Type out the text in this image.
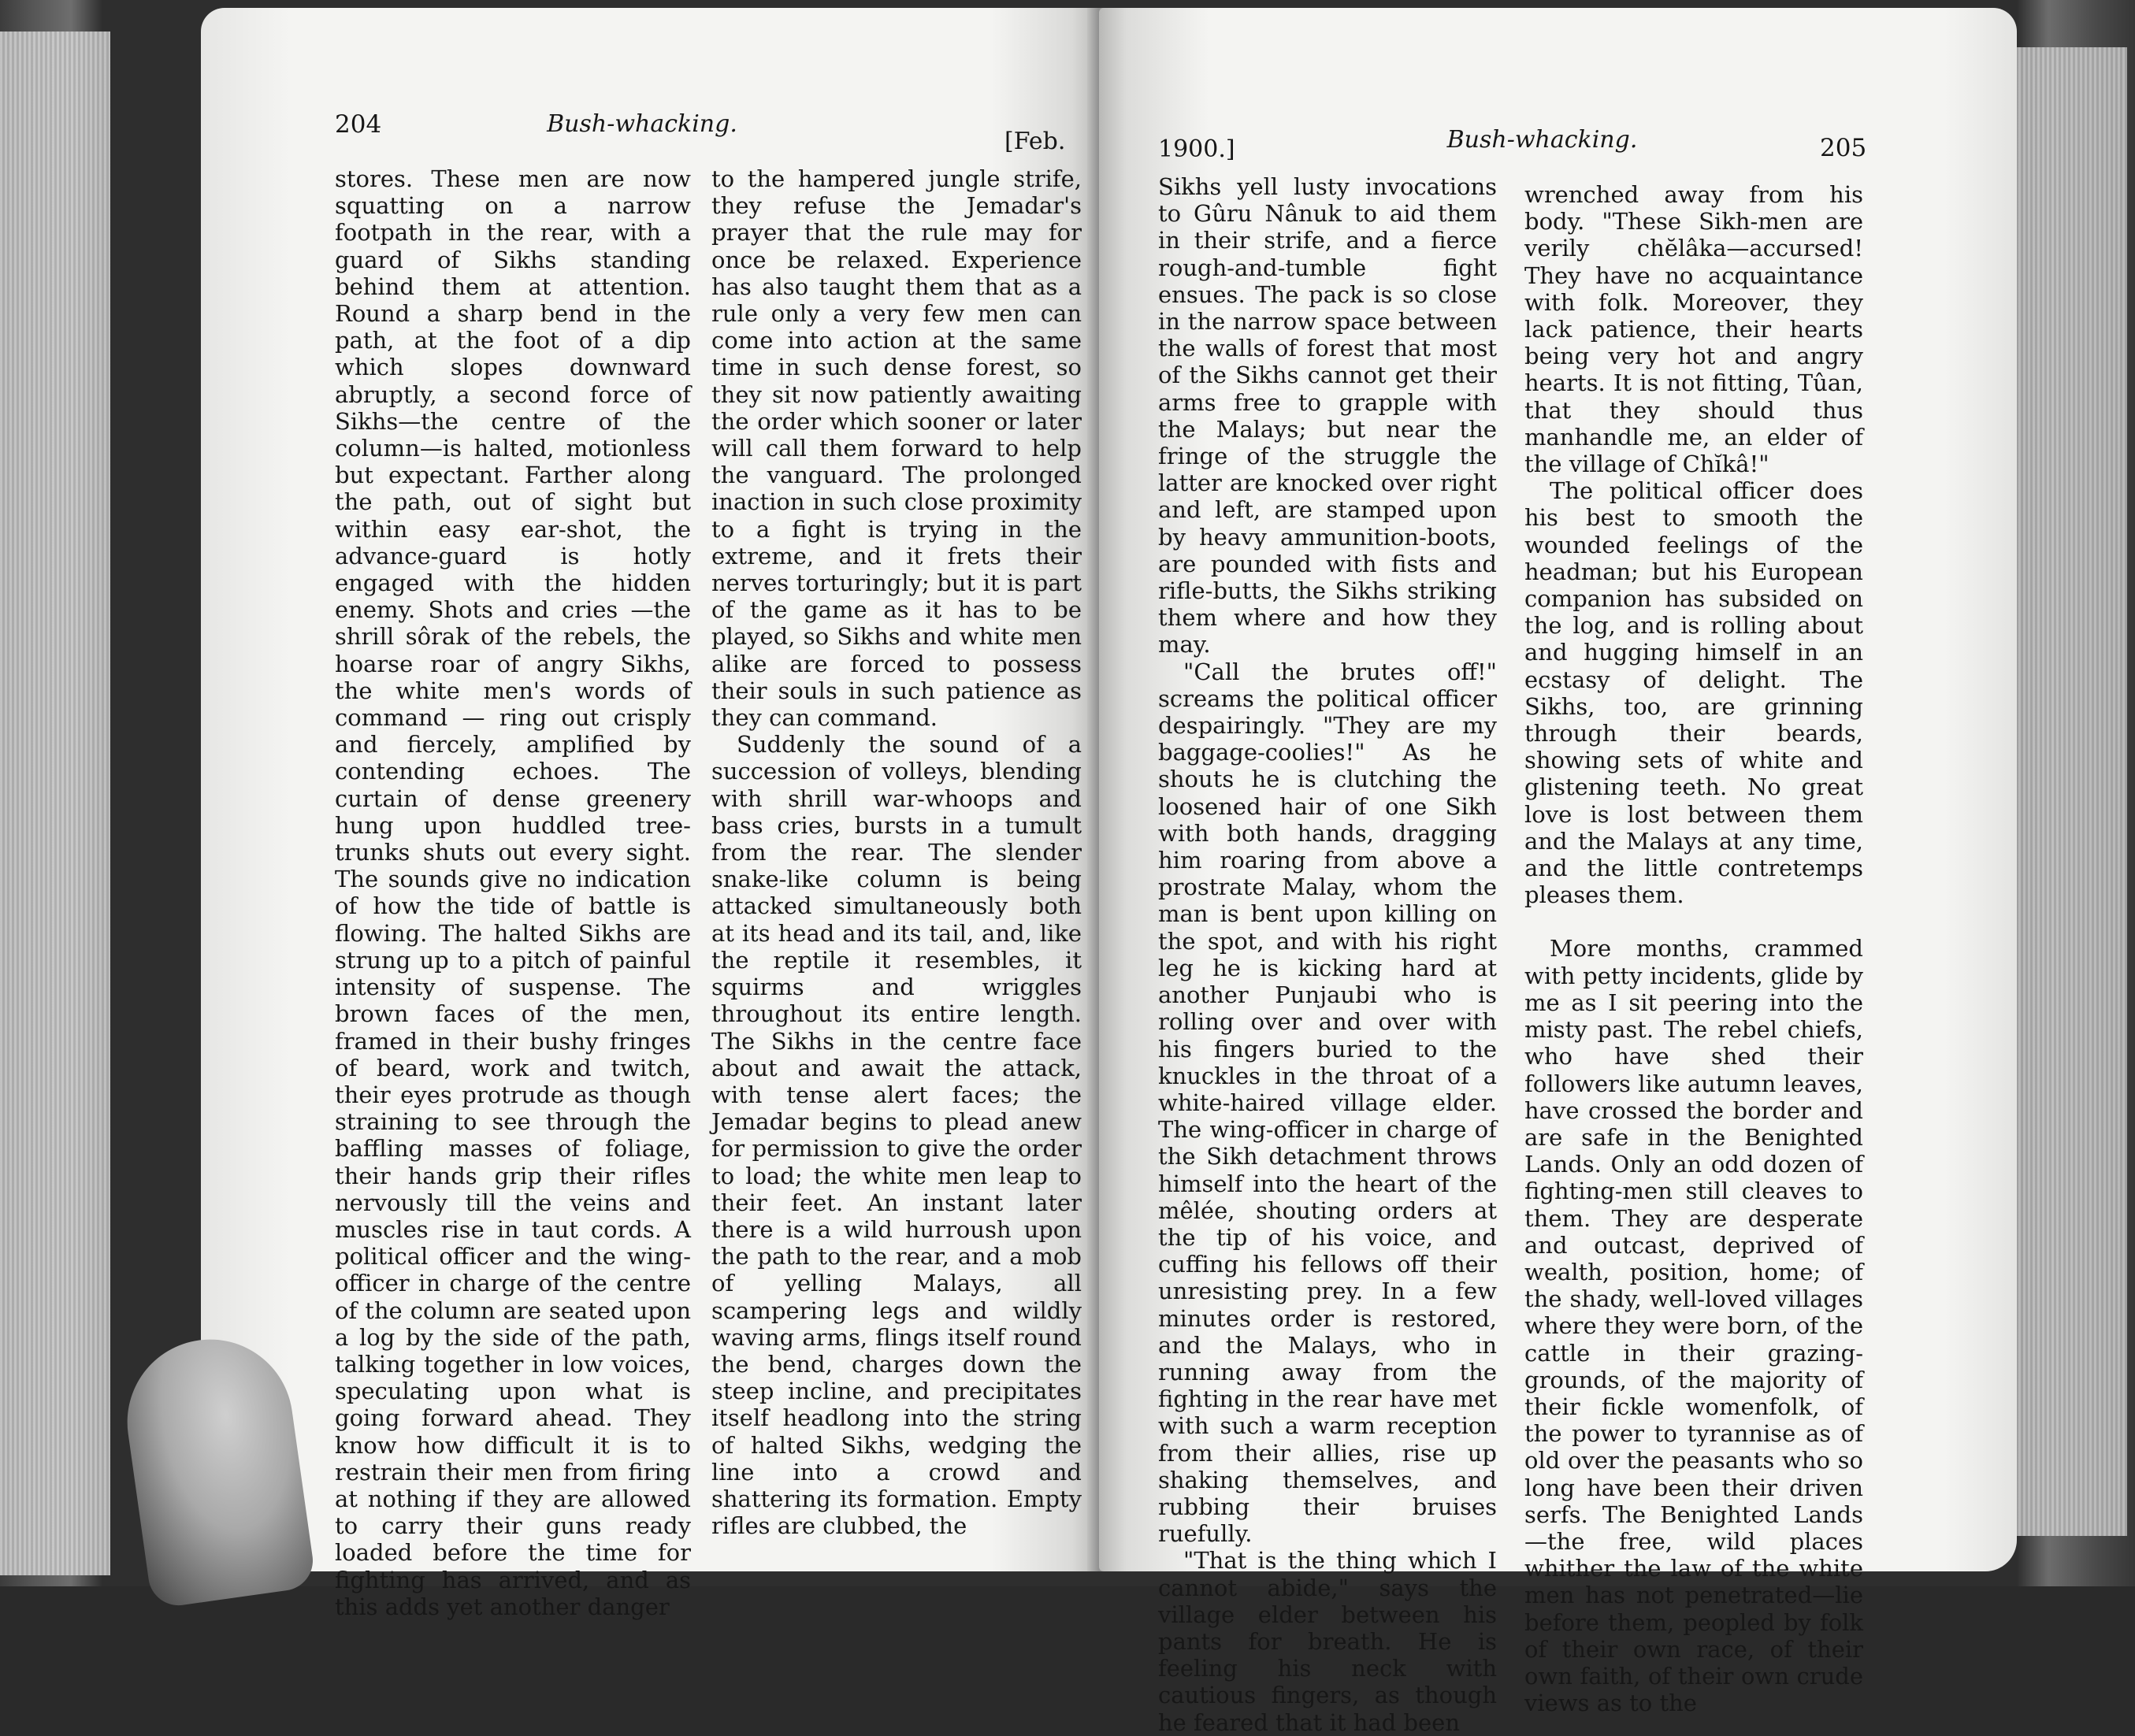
204	Bush-whacking.
[Feb.

stores. These men are now squatting on a narrow footpath in the rear, with a guard of Sikhs standing behind them at attention. Round a sharp bend in the path, at the foot of a dip which slopes downward abruptly, a second force of Sikhs—the centre of the column—is halted, motionless but expectant. Farther along the path, out of sight but within easy ear-shot, the advance-guard is hotly engaged with the hidden enemy. Shots and cries —the shrill sôrak of the rebels, the hoarse roar of angry Sikhs, the white men's words of command — ring out crisply and fiercely, amplified by contending echoes. The curtain of dense greenery hung upon huddled tree-trunks shuts out every sight. The sounds give no indication of how the tide of battle is flowing. The halted Sikhs are strung up to a pitch of painful intensity of suspense. The brown faces of the men, framed in their bushy fringes of beard, work and twitch, their eyes protrude as though straining to see through the baffling masses of foliage, their hands grip their rifles nervously till the veins and muscles rise in taut cords. A political officer and the wing-officer in charge of the centre of the column are seated upon a log by the side of the path, talking together in low voices, speculating upon what is going forward ahead. They know how difficult it is to restrain their men from firing at nothing if they are allowed to carry their guns ready loaded before the time for fighting has arrived, and as this adds yet another danger

to the hampered jungle strife, they refuse the Jemadar's prayer that the rule may for once be relaxed. Experience has also taught them that as a rule only a very few men can come into action at the same time in such dense forest, so they sit now patiently awaiting the order which sooner or later will call them forward to help the vanguard. The prolonged inaction in such close proximity to a fight is trying in the extreme, and it frets their nerves torturingly; but it is part of the game as it has to be played, so Sikhs and white men alike are forced to possess their souls in such patience as they can command.

Suddenly the sound of a succession of volleys, blending with shrill war-whoops and bass cries, bursts in a tumult from the rear. The slender snake-like column is being attacked simultaneously both at its head and its tail, and, like the reptile it resembles, it squirms and wriggles throughout its entire length. The Sikhs in the centre face about and await the attack, with tense alert faces; the Jemadar begins to plead anew for permission to give the order to load; the white men leap to their feet. An instant later there is a wild hurroush upon the path to the rear, and a mob of yelling Malays, all scampering legs and wildly waving arms, flings itself round the bend, charges down the steep incline, and precipitates itself headlong into the string of halted Sikhs, wedging the line into a crowd and shattering its formation. Empty rifles are clubbed, the

1900.]	Bush-whacking.	205

Sikhs yell lusty invocations to Gûru Nânuk to aid them in their strife, and a fierce rough-and-tumble fight ensues. The pack is so close in the narrow space between the walls of forest that most of the Sikhs cannot get their arms free to grapple with the Malays; but near the fringe of the struggle the latter are knocked over right and left, are stamped upon by heavy ammunition-boots, are pounded with fists and rifle-butts, the Sikhs striking them where and how they may.

"Call the brutes off!" screams the political officer despairingly. "They are my baggage-coolies!" As he shouts he is clutching the loosened hair of one Sikh with both hands, dragging him roaring from above a prostrate Malay, whom the man is bent upon killing on the spot, and with his right leg he is kicking hard at another Punjaubi who is rolling over and over with his fingers buried to the knuckles in the throat of a white-haired village elder. The wing-officer in charge of the Sikh detachment throws himself into the heart of the mêlée, shouting orders at the tip of his voice, and cuffing his fellows off their unresisting prey. In a few minutes order is restored, and the Malays, who in running away from the fighting in the rear have met with such a warm reception from their allies, rise up shaking themselves, and rubbing their bruises ruefully.

"That is the thing which I cannot abide," says the village elder between his pants for breath. He is feeling his neck with cautious fingers, as though he feared that it had been

wrenched away from his body. "These Sikh-men are verily chĕlâka—accursed! They have no acquaintance with folk. Moreover, they lack patience, their hearts being very hot and angry hearts. It is not fitting, Tûan, that they should thus manhandle me, an elder of the village of Chĭkâ!"

The political officer does his best to smooth the wounded feelings of the headman; but his European companion has subsided on the log, and is rolling about and hugging himself in an ecstasy of delight. The Sikhs, too, are grinning through their beards, showing sets of white and glistening teeth. No great love is lost between them and the Malays at any time, and the little contretemps pleases them.

More months, crammed with petty incidents, glide by me as I sit peering into the misty past. The rebel chiefs, who have shed their followers like autumn leaves, have crossed the border and are safe in the Benighted Lands. Only an odd dozen of fighting-men still cleaves to them. They are desperate and outcast, deprived of wealth, position, home; of the shady, well-loved villages where they were born, of the cattle in their grazing-grounds, of the majority of their fickle womenfolk, of the power to tyrannise as of old over the peasants who so long have been their driven serfs. The Benighted Lands—the free, wild places whither the law of the white men has not penetrated—lie before them, peopled by folk of their own race, of their own faith, of their own crude views as to the
